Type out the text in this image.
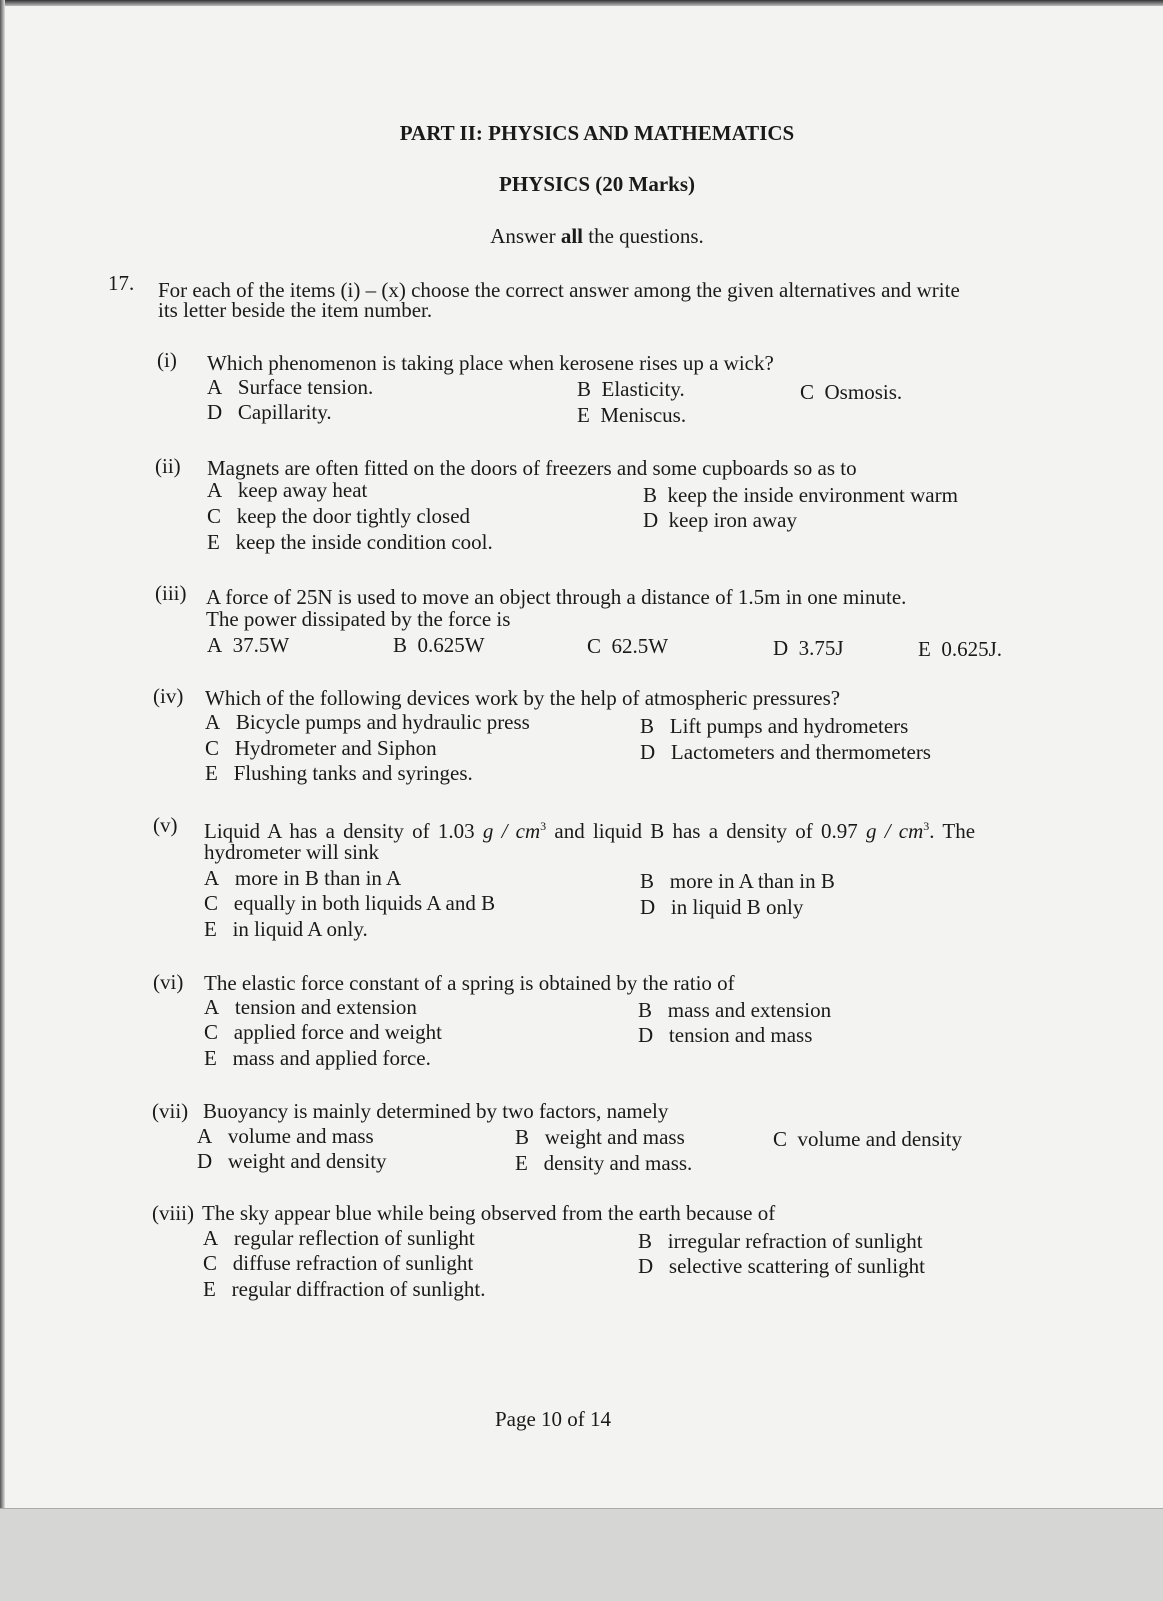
PART II: PHYSICS AND MATHEMATICS
PHYSICS (20 Marks)
Answer all the questions.
17. For each of the items (i) – (x) choose the correct answer among the given alternatives and write
its letter beside the item number.
(i) Which phenomenon is taking place when kerosene rises up a wick?
A Surface tension.	B Elasticity.	C Osmosis.
D Capillarity.	E Meniscus.
(ii) Magnets are often fitted on the doors of freezers and some cupboards so as to
A keep away heat	B keep the inside environment warm
C keep the door tightly closed	D keep iron away
E keep the inside condition cool.
(iii) A force of 25N is used to move an object through a distance of 1.5m in one minute.
The power dissipated by the force is
A 37.5W	B 0.625W	C 62.5W	D 3.75J	E 0.625J.
(iv) Which of the following devices work by the help of atmospheric pressures?
A Bicycle pumps and hydraulic press	B Lift pumps and hydrometers
C Hydrometer and Siphon	D Lactometers and thermometers
E Flushing tanks and syringes.
(v) Liquid A has a density of 1.03 g / $cm^3$ and liquid B has a density of 0.97 g / $cm^3$. The
hydrometer will sink
A more in B than in A	B more in A than in B
C equally in both liquids A and B	D in liquid B only
E in liquid A only.
(vi) The elastic force constant of a spring is obtained by the ratio of
A tension and extension	B mass and extension
C applied force and weight	D tension and mass
E mass and applied force.
(vii) Buoyancy is mainly determined by two factors, namely
A volume and mass	B weight and mass	C volume and density
D weight and density	E density and mass.
(viii) The sky appear blue while being observed from the earth because of
A regular reflection of sunlight	B irregular refraction of sunlight
C diffuse refraction of sunlight	D selective scattering of sunlight
E regular diffraction of sunlight.
Page 10 of 14
